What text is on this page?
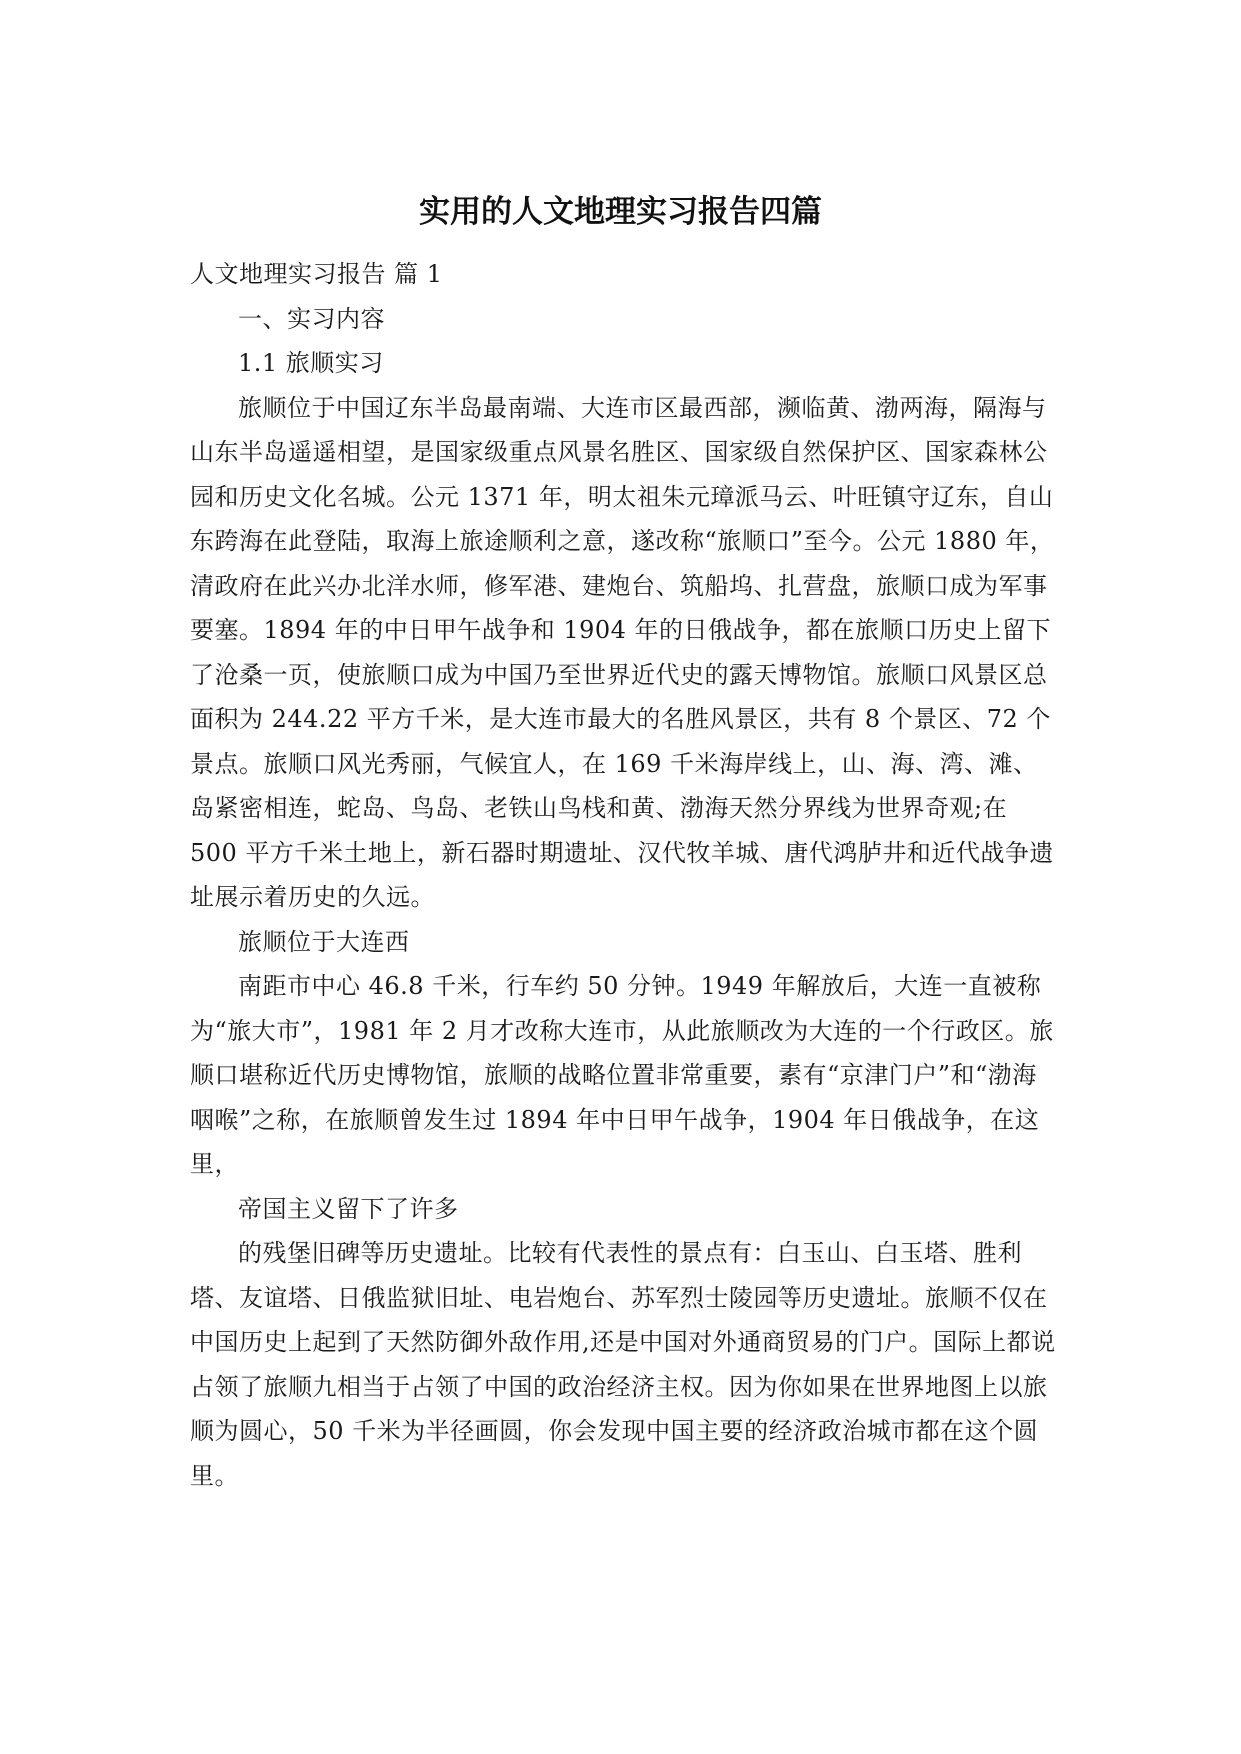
实用的人文地理实习报告四篇

人文地理实习报告 篇 1

一、实习内容

1.1 旅顺实习

旅顺位于中国辽东半岛最南端、大连市区最西部，濒临黄、渤两海，隔海与山东半岛遥遥相望，是国家级重点风景名胜区、国家级自然保护区、国家森林公园和历史文化名城。公元 1371 年，明太祖朱元璋派马云、叶旺镇守辽东，自山东跨海在此登陆，取海上旅途顺利之意，遂改称“旅顺口”至今。公元 1880 年，清政府在此兴办北洋水师，修军港、建炮台、筑船坞、扎营盘，旅顺口成为军事要塞。1894 年的中日甲午战争和 1904 年的日俄战争，都在旅顺口历史上留下了沧桑一页，使旅顺口成为中国乃至世界近代史的露天博物馆。旅顺口风景区总面积为 244.22 平方千米，是大连市最大的名胜风景区，共有 8 个景区、72 个景点。旅顺口风光秀丽，气候宜人，在 169 千米海岸线上，山、海、湾、滩、岛紧密相连，蛇岛、鸟岛、老铁山鸟栈和黄、渤海天然分界线为世界奇观;在 500 平方千米土地上，新石器时期遗址、汉代牧羊城、唐代鸿胪井和近代战争遗址展示着历史的久远。

旅顺位于大连西

南距市中心 46.8 千米，行车约 50 分钟。1949 年解放后，大连一直被称为“旅大市”，1981 年 2 月才改称大连市，从此旅顺改为大连的一个行政区。旅顺口堪称近代历史博物馆，旅顺的战略位置非常重要，素有“京津门户”和“渤海咽喉”之称，在旅顺曾发生过 1894 年中日甲午战争，1904 年日俄战争，在这里，

帝国主义留下了许多

的残堡旧碑等历史遗址。比较有代表性的景点有：白玉山、白玉塔、胜利塔、友谊塔、日俄监狱旧址、电岩炮台、苏军烈士陵园等历史遗址。旅顺不仅在中国历史上起到了天然防御外敌作用,还是中国对外通商贸易的门户。国际上都说占领了旅顺九相当于占领了中国的政治经济主权。因为你如果在世界地图上以旅顺为圆心，50 千米为半径画圆，你会发现中国主要的经济政治城市都在这个圆里。
